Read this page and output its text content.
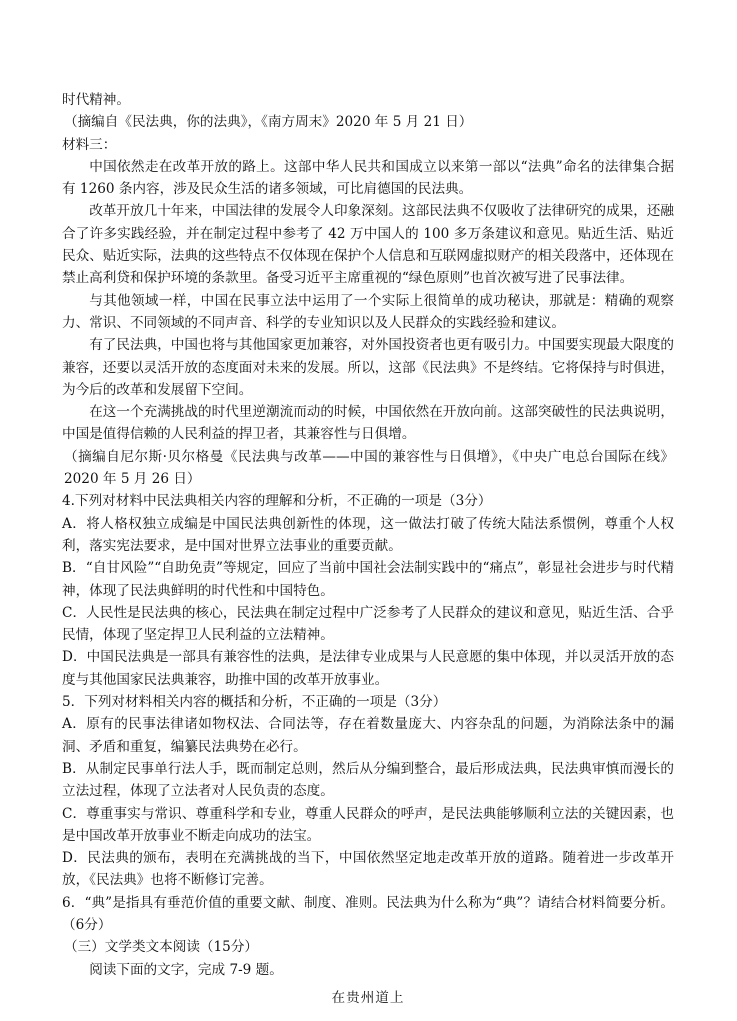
时代精神。
（摘编自《民法典，你的法典》，《南方周末》2020 年 5 月 21 日）
材料三：
中国依然走在改革开放的路上。这部中华人民共和国成立以来第一部以“法典”命名的法律集合据有 1260 条内容，涉及民众生活的诸多领域，可比肩德国的民法典。
改革开放几十年来，中国法律的发展令人印象深刻。这部民法典不仅吸收了法律研究的成果，还融合了许多实践经验，并在制定过程中参考了 42 万中国人的 100 多万条建议和意见。贴近生活、贴近民众、贴近实际，法典的这些特点不仅体现在保护个人信息和互联网虚拟财产的相关段落中，还体现在禁止高利贷和保护环境的条款里。备受习近平主席重视的“绿色原则”也首次被写进了民事法律。
与其他领域一样，中国在民事立法中运用了一个实际上很简单的成功秘诀，那就是：精确的观察力、常识、不同领域的不同声音、科学的专业知识以及人民群众的实践经验和建议。
有了民法典，中国也将与其他国家更加兼容，对外国投资者也更有吸引力。中国要实现最大限度的兼容，还要以灵活开放的态度面对未来的发展。所以，这部《民法典》不是终结。它将保持与时俱进，为今后的改革和发展留下空间。
在这一个充满挑战的时代里逆潮流而动的时候，中国依然在开放向前。这部突破性的民法典说明，中国是值得信赖的人民利益的捍卫者，其兼容性与日俱增。
（摘编自尼尔斯·贝尔格曼《民法典与改革——中国的兼容性与日俱增》，《中央广电总台国际在线》2020 年 5 月 26 日）
4.下列对材料中民法典相关内容的理解和分析，不正确的一项是（3分）
A．将人格权独立成编是中国民法典创新性的体现，这一做法打破了传统大陆法系惯例，尊重个人权利，落实宪法要求，是中国对世界立法事业的重要贡献。
B．“自甘风险”“自助免责”等规定，回应了当前中国社会法制实践中的“痛点”，彰显社会进步与时代精神，体现了民法典鲜明的时代性和中国特色。
C．人民性是民法典的核心，民法典在制定过程中广泛参考了人民群众的建议和意见，贴近生活、合乎民情，体现了坚定捍卫人民利益的立法精神。
D．中国民法典是一部具有兼容性的法典，是法律专业成果与人民意愿的集中体现，并以灵活开放的态度与其他国家民法典兼容，助推中国的改革开放事业。
5．下列对材料相关内容的概括和分析，不正确的一项是（3分）
A．原有的民事法律诸如物权法、合同法等，存在着数量庞大、内容杂乱的问题，为消除法条中的漏洞、矛盾和重复，编纂民法典势在必行。
B．从制定民事单行法人手，既而制定总则，然后从分编到整合，最后形成法典，民法典审慎而漫长的立法过程，体现了立法者对人民负责的态度。
C．尊重事实与常识、尊重科学和专业，尊重人民群众的呼声，是民法典能够顺利立法的关键因素，也是中国改革开放事业不断走向成功的法宝。
D．民法典的颁布，表明在充满挑战的当下，中国依然坚定地走改革开放的道路。随着进一步改革开放，《民法典》也将不断修订完善。
6．“典”是指具有垂范价值的重要文献、制度、准则。民法典为什么称为“典”？请结合材料简要分析。（6分）
（三）文学类文本阅读（15分）
阅读下面的文字，完成 7-9 题。
在贵州道上
